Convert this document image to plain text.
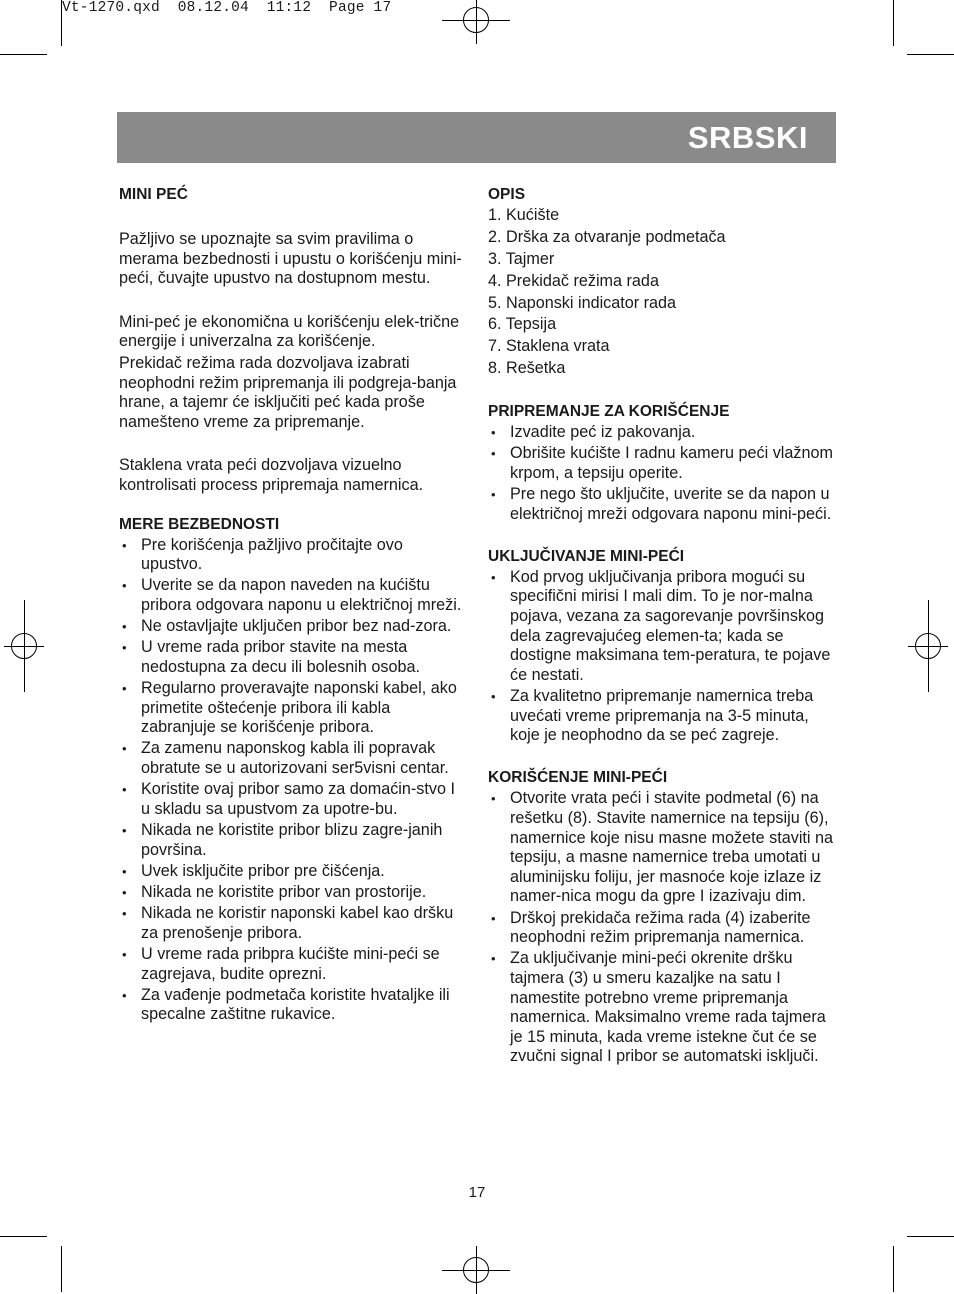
Vt-1270.qxd  08.12.04  11:12  Page 17
SRBSKI
MINI PEĆ

Pažljivo se upoznajte sa svim pravilima o merama bezbednosti i upustu o korišćenju mini-peći, čuvajte upustvo na dostupnom mestu.

Mini-peć je ekonomična u korišćenju elek-trične energije i univerzalna za korišćenje.

Prekidač režima rada dozvoljava izabrati neophodni režim pripremanja ili podgreja-banja hrane, a tajemr će isključiti peć kada proše namešteno vreme za pripremanje.

Staklena vrata peći dozvoljava vizuelno kontrolisati process pripremaja namernica.

MERE BEZBEDNOSTI
• Pre korišćenja pažljivo pročitajte ovo upustvo.
• Uverite se da napon naveden na kućištu pribora odgovara naponu u električnoj mreži.
• Ne ostavljajte uključen pribor bez nad-zora.
• U vreme rada pribor stavite na mesta nedostupna za decu ili bolesnih osoba.
• Regularno proveravajte naponski kabel, ako primetite oštećenje pribora ili kabla zabranjuje se korišćenje pribora.
• Za zamenu naponskog kabla ili popravak obratute se u autorizovani ser5visni centar.
• Koristite ovaj pribor samo za domaćin-stvo I u skladu sa upustvom za upotre-bu.
• Nikada ne koristite pribor blizu zagre-janih površina.
• Uvek isključite pribor pre čišćenja.
• Nikada ne koristite pribor van prostorije.
• Nikada ne koristir naponski kabel kao dršku za prenošenje pribora.
• U vreme rada pribpra kućište mini-peći se zagrejava, budite oprezni.
• Za vađenje podmetača koristite hvataljke ili specalne zaštitne rukavice.
OPIS
1. Kućište
2. Drška za otvaranje podmetača
3. Tajmer
4. Prekidač režima rada
5. Naponski indicator rada
6. Tepsija
7. Staklena vrata
8. Rešetka
PRIPREMANJE ZA KORIŠĆENJE
• Izvadite peć iz pakovanja.
• Obrišite kućište I radnu kameru peći vlažnom krpom, a tepsiju operite.
• Pre nego što uključite, uverite se da napon u električnoj mreži odgovara naponu mini-peći.
UKLJUČIVANJE MINI-PEĆI
• Kod prvog uključivanja pribora mogući su specifični mirisi I mali dim. To je nor-malna pojava, vezana za sagorevanje površinskog dela zagrevajućeg elemen-ta; kada se dostigne maksimana tem-peratura, te pojave će nestati.
• Za kvalitetno pripremanje namernica treba uvećati vreme pripremanja na 3-5 minuta, koje je neophodno da se peć zagreje.
KORIŠĆENJE MINI-PEĆI
• Otvorite vrata peći i stavite podmetal (6) na rešetku (8). Stavite namernice na tepsiju (6), namernice koje nisu masne možete staviti na tepsiju, a masne namernice treba umotati u aluminijsku foliju, jer masnoće koje izlaze iz namer-nica mogu da gpre I izazivaju dim.
• Drškoj prekidača režima rada (4) izaberite neophodni režim pripremanja namernica.
• Za uključivanje mini-peći okrenite dršku tajmera (3) u smeru kazaljke na satu I namestite potrebno vreme pripremanja namernica. Maksimalno vreme rada tajmera je 15 minuta, kada vreme istekne čut će se zvučni signal I pribor se automatski isključi.
17
